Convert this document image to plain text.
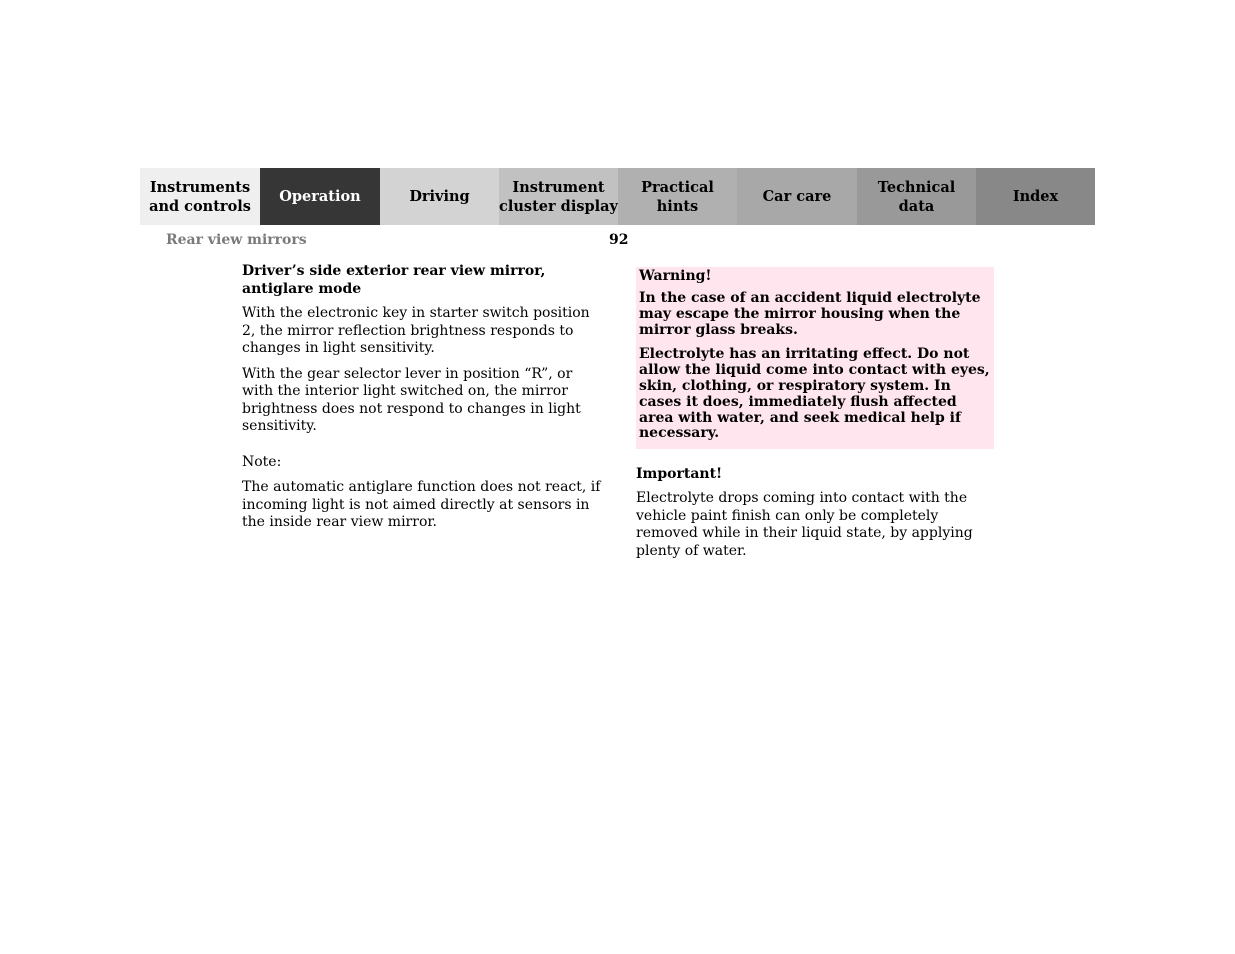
Instruments
and controls
Operation	Driving
Instrument
cluster display
Practical hints
Car care
Technical
data
Index
Rear view mirrors	92
Driver’s side exterior rear view mirror,
antiglare mode

With the electronic key in starter switch position 2, the mirror reflection brightness responds to changes in light sensitivity.

With the gear selector lever in position “R”, or with the interior light switched on, the mirror brightness does not respond to changes in light sensitivity.

Note:

The automatic antiglare function does not react, if incoming light is not aimed directly at sensors in the inside rear view mirror.

Warning!

In the case of an accident liquid electrolyte may escape the mirror housing when the mirror glass breaks.

Electrolyte has an irritating effect. Do not allow the liquid come into contact with eyes, skin, clothing, or respiratory system. In cases it does, immediately flush affected area with water, and seek medical help if necessary.

Important!

Electrolyte drops coming into contact with the vehicle paint finish can only be completely removed while in their liquid state, by applying plenty of water.
